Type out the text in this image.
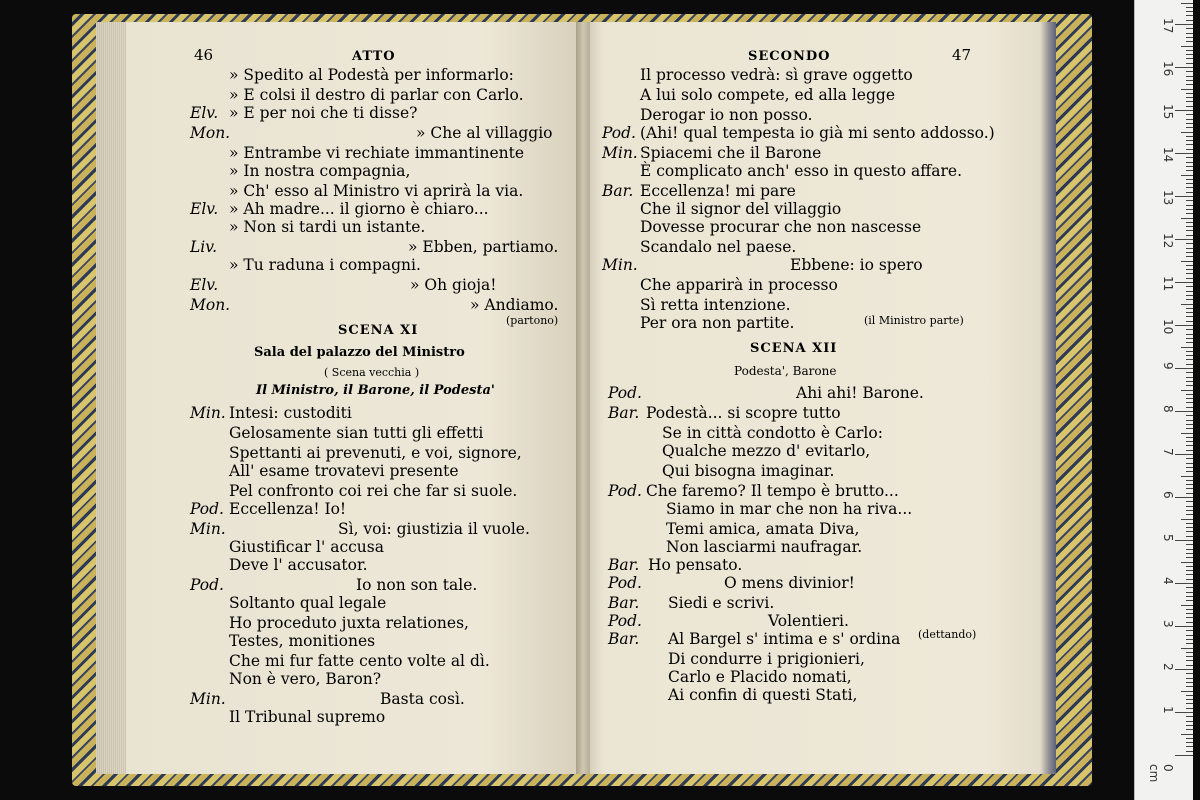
46	ATTO
(partono)
SCENA XI
Sala del palazzo del Ministro
( Scena vecchia )
Il Ministro, il Barone, il Podesta'
47
SECONDO
(il Ministro parte)
SCENA XII
Podesta', Barone
(dettando)
» Spedito al Podestà per informarlo:
» E colsi il destro di parlar con Carlo.
Elv. » E per noi che ti disse?
Mon.	» Che al villaggio
» Entrambe vi rechiate immantinente
» In nostra compagnia,
» Ch' esso al Ministro vi aprirà la via.
Elv. » Ah madre... il giorno è chiaro...
» Non si tardi un istante.
Liv.	» Ebben, partiamo.
» Tu raduna i compagni.
Elv.	» Oh gioja!
Mon.	» Andiamo.
Min. Intesi: custoditi
Gelosamente sian tutti gli effetti
Spettanti ai prevenuti, e voi, signore,
All' esame trovatevi presente
Pel confronto coi rei che far si suole.
Pod. Eccellenza! Io!
Min.	Sì, voi: giustizia il vuole.
Giustificar l' accusa
Deve l' accusator.
Pod.	Io non son tale.
Soltanto qual legale
Ho proceduto juxta relationes,
Testes, monitiones
Che mi fur fatte cento volte al dì.
Non è vero, Baron?
Min.	Basta così.
Il Tribunal supremo
Il processo vedrà: sì grave oggetto
A lui solo compete, ed alla legge
Derogar io non posso.
Pod. (Ahi! qual tempesta io già mi sento addosso.)
Min. Spiacemi che il Barone
È complicato anch' esso in questo affare.
Bar. Eccellenza! mi pare
Che il signor del villaggio
Dovesse procurar che non nascesse
Scandalo nel paese.
Min.	Ebbene: io spero
Che apparirà in processo
Sì retta intenzione.
Per ora non partite.
Pod.	Ahi ahi! Barone.
Bar. Podestà... si scopre tutto
Se in città condotto è Carlo:
Qualche mezzo d' evitarlo,
Qui bisogna imaginar.
Pod. Che faremo? Il tempo è brutto...
Siamo in mar che non ha riva...
Temi amica, amata Diva,
Non lasciarmi naufragar.
Bar. Ho pensato.
Pod.	O mens divinior!
Bar. Siedi e scrivi.
Pod.	Volentieri.
Bar. Al Bargel s' intima e s' ordina
Di condurre i prigionieri,
Carlo e Placido nomati,
Ai confin di questi Stati,
0 cm
1
2
3
4
5
6
7
8
9
10
11
12
13
14
15
16
17
